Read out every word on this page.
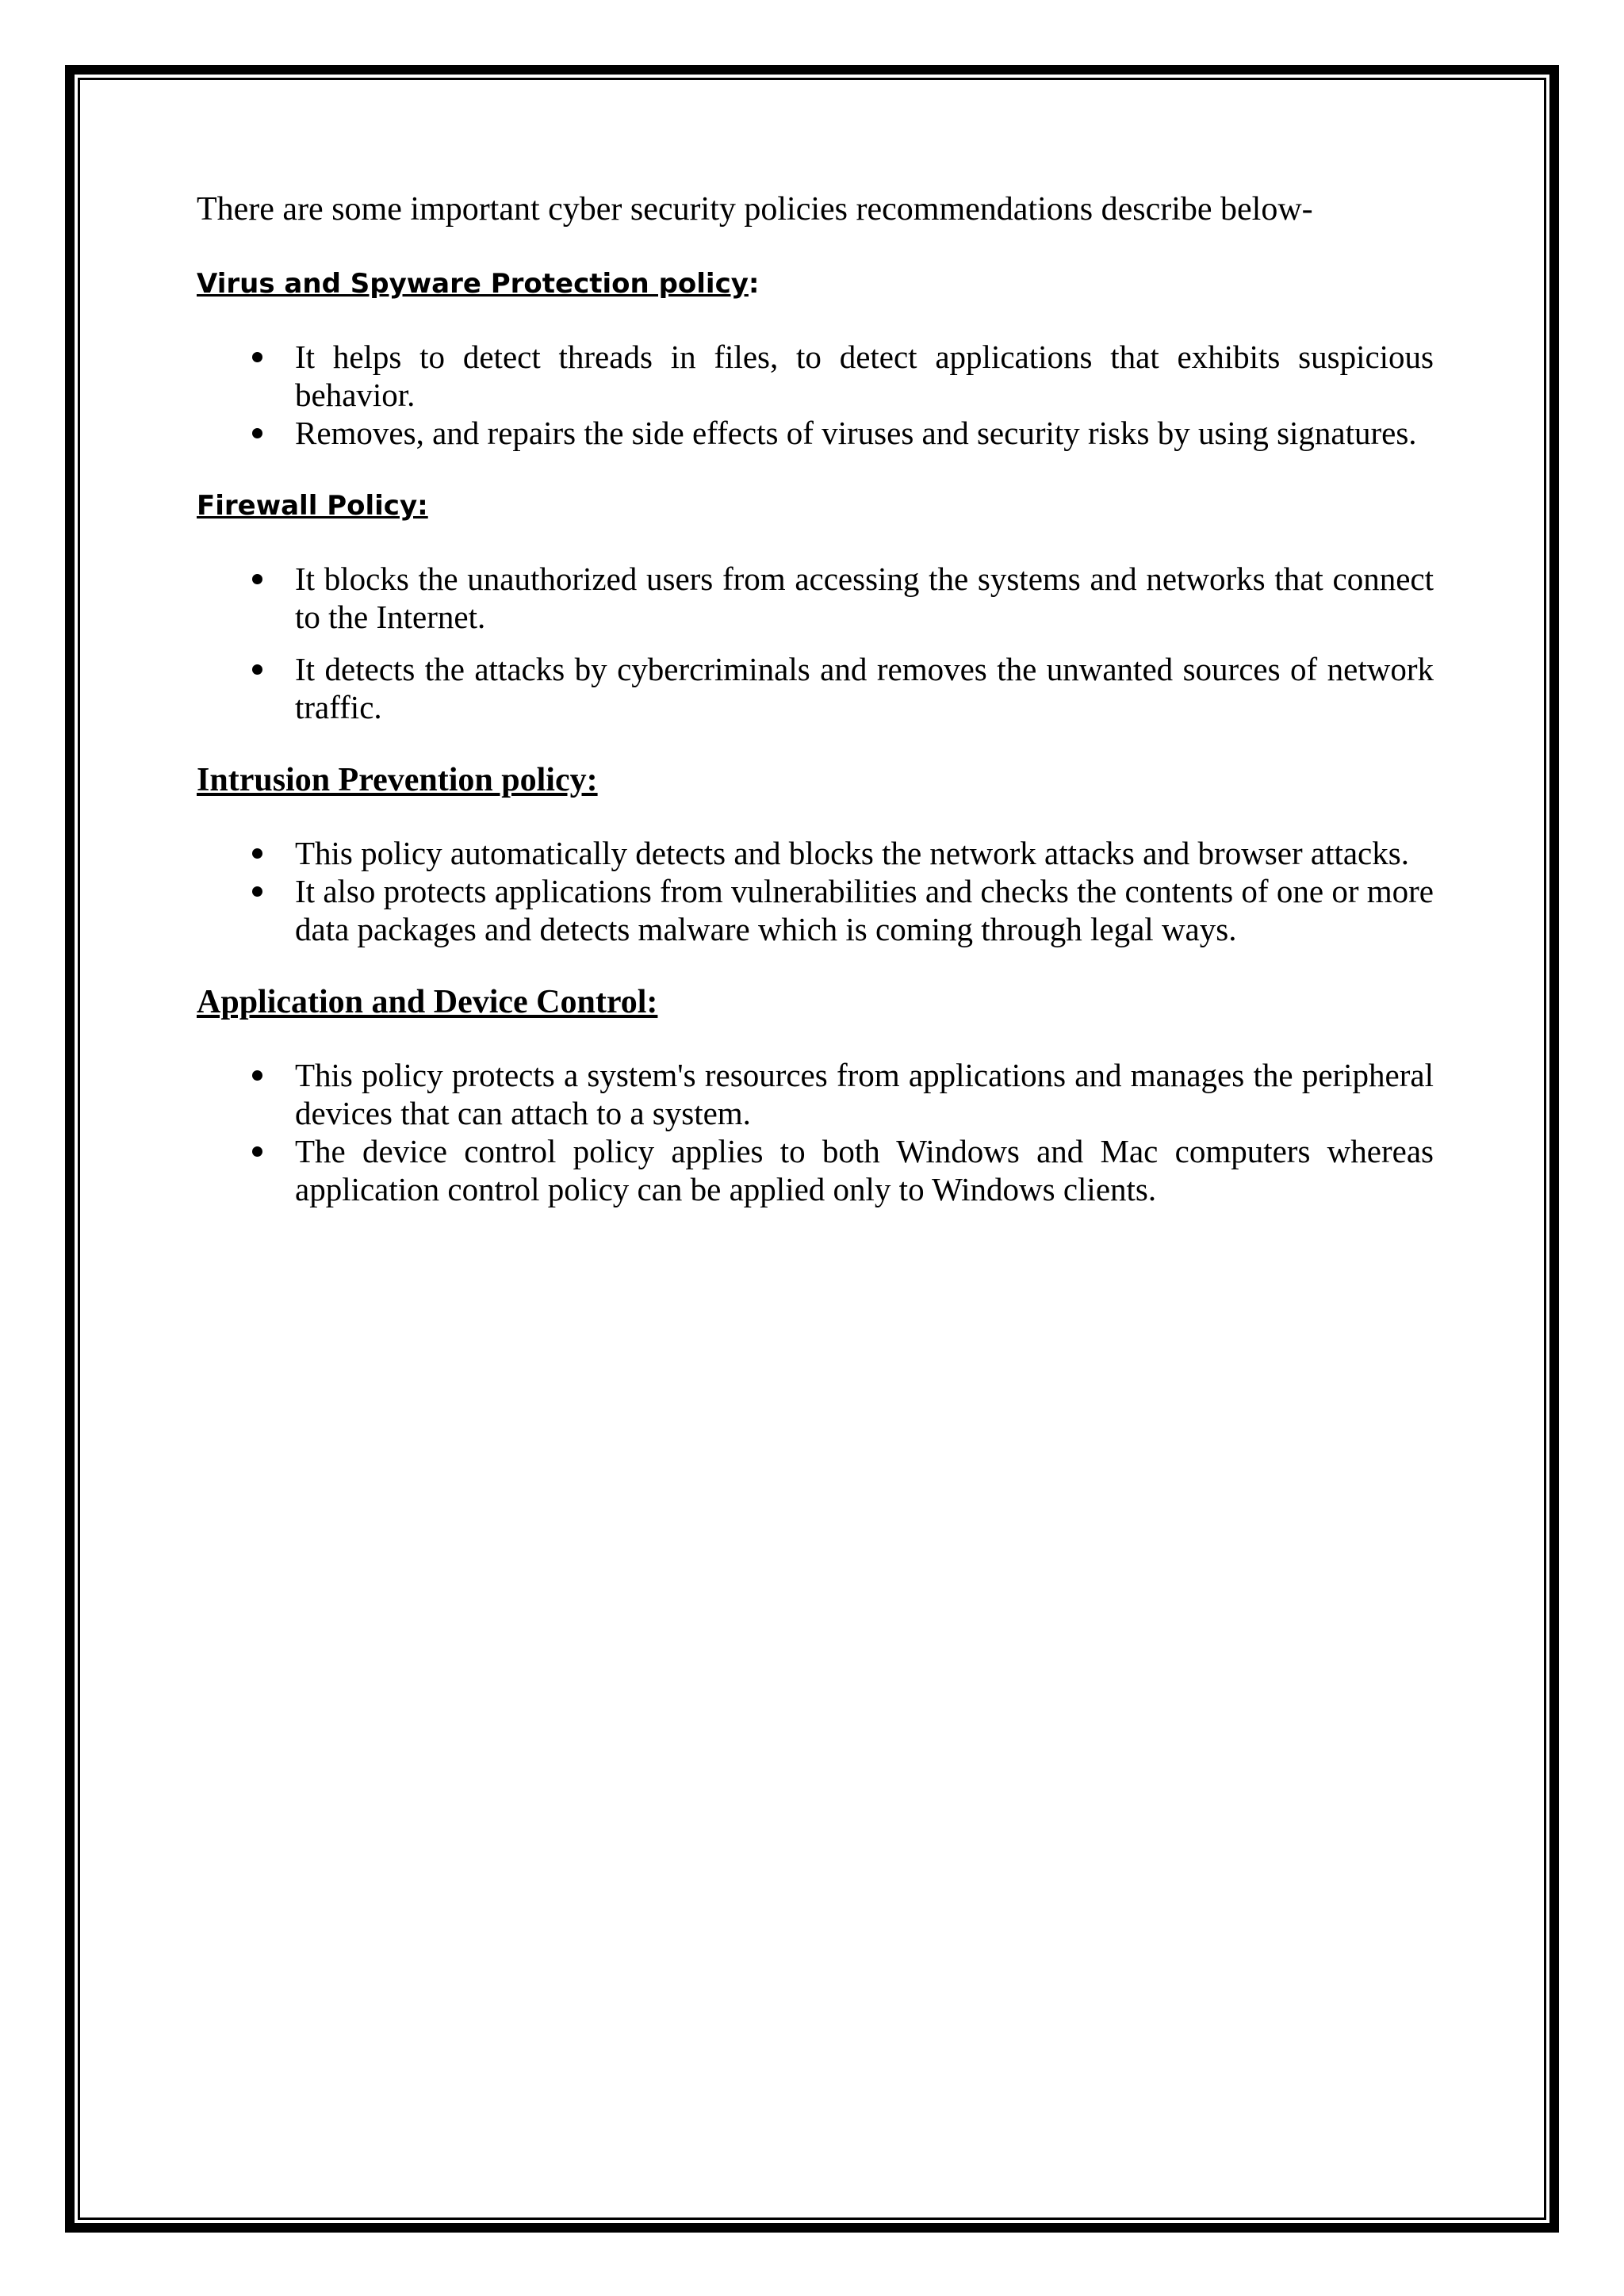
There are some important cyber security policies recommendations describe below-

Virus and Spyware Protection policy:
It helps to detect threads in files, to detect applications that exhibits suspicious behavior.
Removes, and repairs the side effects of viruses and security risks by using signatures.
Firewall Policy:
It blocks the unauthorized users from accessing the systems and networks that connect to the Internet.
It detects the attacks by cybercriminals and removes the unwanted sources of network traffic.
Intrusion Prevention policy:
This policy automatically detects and blocks the network attacks and browser attacks.
It also protects applications from vulnerabilities and checks the contents of one or more data packages and detects malware which is coming through legal ways.
Application and Device Control:
This policy protects a system's resources from applications and manages the peripheral devices that can attach to a system.
The device control policy applies to both Windows and Mac computers whereas application control policy can be applied only to Windows clients.
